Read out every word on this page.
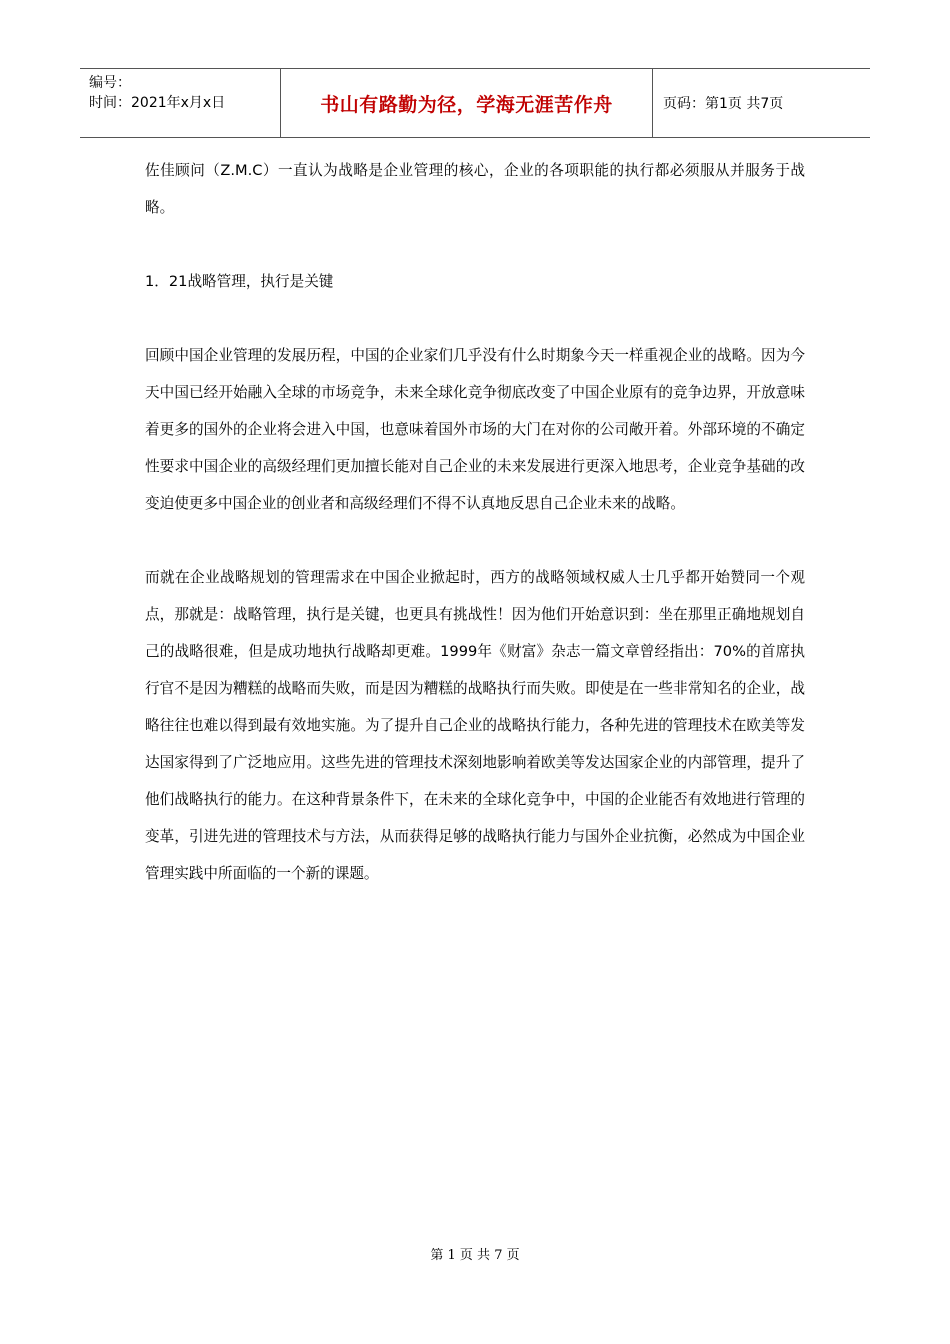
编号：
时间：2021年x月x日	书山有路勤为径，学海无涯苦作舟	页码：第1页 共7页

佐佳顾问（Z.M.C）一直认为战略是企业管理的核心，企业的各项职能的执行都必须服从并服务于战略。

1．21战略管理，执行是关键

回顾中国企业管理的发展历程，中国的企业家们几乎没有什么时期象今天一样重视企业的战略。因为今天中国已经开始融入全球的市场竞争，未来全球化竞争彻底改变了中国企业原有的竞争边界，开放意味着更多的国外的企业将会进入中国，也意味着国外市场的大门在对你的公司敞开着。外部环境的不确定性要求中国企业的高级经理们更加擅长能对自己企业的未来发展进行更深入地思考，企业竞争基础的改变迫使更多中国企业的创业者和高级经理们不得不认真地反思自己企业未来的战略。

而就在企业战略规划的管理需求在中国企业掀起时，西方的战略领域权威人士几乎都开始赞同一个观点，那就是：战略管理，执行是关键，也更具有挑战性！因为他们开始意识到：坐在那里正确地规划自己的战略很难，但是成功地执行战略却更难。1999年《财富》杂志一篇文章曾经指出：70%的首席执行官不是因为糟糕的战略而失败，而是因为糟糕的战略执行而失败。即使是在一些非常知名的企业，战略往往也难以得到最有效地实施。为了提升自己企业的战略执行能力，各种先进的管理技术在欧美等发达国家得到了广泛地应用。这些先进的管理技术深刻地影响着欧美等发达国家企业的内部管理，提升了他们战略执行的能力。在这种背景条件下，在未来的全球化竞争中，中国的企业能否有效地进行管理的变革，引进先进的管理技术与方法，从而获得足够的战略执行能力与国外企业抗衡，必然成为中国企业管理实践中所面临的一个新的课题。

第 1 页 共 7 页
